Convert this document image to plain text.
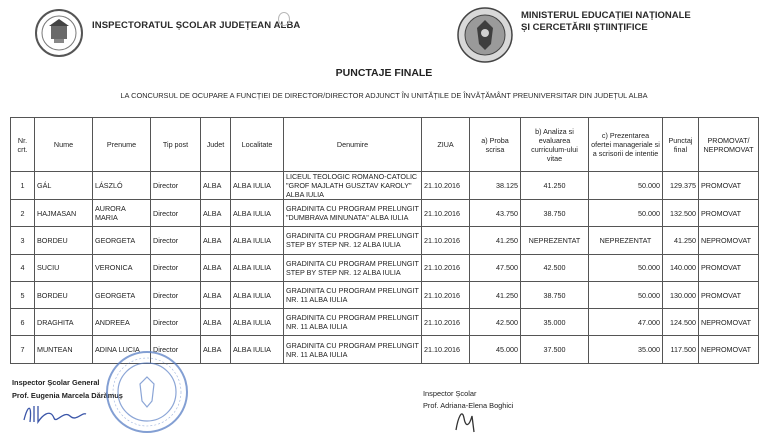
INSPECTORATUL ȘCOLAR JUDEȚEAN ALBA
MINISTERUL EDUCAȚIEI NAȚIONALE
ȘI CERCETĂRII ȘTIINȚIFICE
PUNCTAJE FINALE
LA CONCURSUL DE OCUPARE A FUNCȚIEI DE DIRECTOR/DIRECTOR ADJUNCT ÎN UNITĂȚILE DE ÎNVĂȚĂMÂNT PREUNIVERSITAR DIN JUDEȚUL ALBA
Nr. crt.	Nume	Prenume	Tip post	Judet	Localitate	Denumire	ZIUA	a) Proba scrisa	b) Analiza si evaluarea curriculum-ului vitae	c) Prezentarea ofertei manageriale si a scrisorii de intentie	Punctaj final	PROMOVAT/ NEPROMOVAT
1	GÁL	LÁSZLÓ	Director	ALBA	ALBA IULIA	LICEUL TEOLOGIC ROMANO-CATOLIC "GROF MAJLATH GUSZTAV KAROLY" ALBA IULIA	21.10.2016	38.125	41.250	50.000	129.375	PROMOVAT
2	HAJMASAN	AURORA MARIA	Director	ALBA	ALBA IULIA	GRADINITA CU PROGRAM PRELUNGIT "DUMBRAVA MINUNATA" ALBA IULIA	21.10.2016	43.750	38.750	50.000	132.500	PROMOVAT
3	BORDEU	GEORGETA	Director	ALBA	ALBA IULIA	GRADINITA CU PROGRAM PRELUNGIT STEP BY STEP NR. 12 ALBA IULIA	21.10.2016	41.250	NEPREZENTAT	NEPREZENTAT	41.250	NEPROMOVAT
4	SUCIU	VERONICA	Director	ALBA	ALBA IULIA	GRADINITA CU PROGRAM PRELUNGIT STEP BY STEP NR. 12 ALBA IULIA	21.10.2016	47.500	42.500	50.000	140.000	PROMOVAT
5	BORDEU	GEORGETA	Director	ALBA	ALBA IULIA	GRADINITA CU PROGRAM PRELUNGIT NR. 11 ALBA IULIA	21.10.2016	41.250	38.750	50.000	130.000	PROMOVAT
6	DRAGHITA	ANDREEA	Director	ALBA	ALBA IULIA	GRADINITA CU PROGRAM PRELUNGIT NR. 11 ALBA IULIA	21.10.2016	42.500	35.000	47.000	124.500	NEPROMOVAT
7	MUNTEAN	ADINA LUCIA	Director	ALBA	ALBA IULIA	GRADINITA CU PROGRAM PRELUNGIT NR. 11 ALBA IULIA	21.10.2016	45.000	37.500	35.000	117.500	NEPROMOVAT
Inspector Școlar General
Prof. Eugenia Marcela Dărămuș	Inspector Școlar
Prof. Adriana-Elena Boghici
